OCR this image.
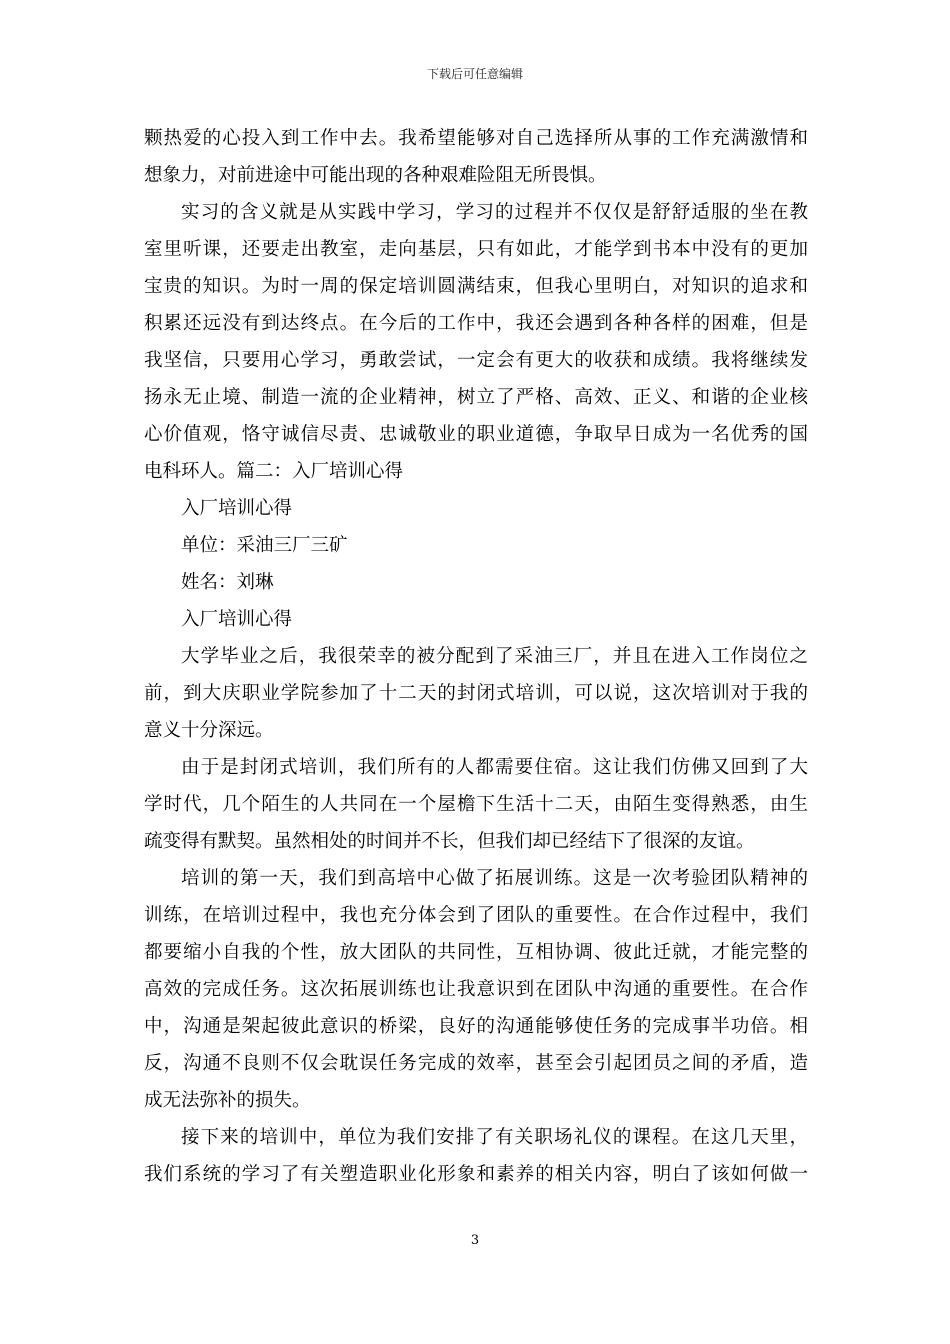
下载后可任意编辑
颗热爱的心投入到工作中去。我希望能够对自己选择所从事的工作充满激情和
想象力，对前进途中可能出现的各种艰难险阻无所畏惧。
实习的含义就是从实践中学习，学习的过程并不仅仅是舒舒适服的坐在教
室里听课，还要走出教室，走向基层，只有如此，才能学到书本中没有的更加
宝贵的知识。为时一周的保定培训圆满结束，但我心里明白，对知识的追求和
积累还远没有到达终点。在今后的工作中，我还会遇到各种各样的困难，但是
我坚信，只要用心学习，勇敢尝试，一定会有更大的收获和成绩。我将继续发
扬永无止境、制造一流的企业精神，树立了严格、高效、正义、和谐的企业核
心价值观，恪守诚信尽责、忠诚敬业的职业道德，争取早日成为一名优秀的国
电科环人。篇二：入厂培训心得
入厂培训心得
单位：采油三厂三矿
姓名：刘琳
入厂培训心得
大学毕业之后，我很荣幸的被分配到了采油三厂，并且在进入工作岗位之
前，到大庆职业学院参加了十二天的封闭式培训，可以说，这次培训对于我的
意义十分深远。
由于是封闭式培训，我们所有的人都需要住宿。这让我们仿佛又回到了大
学时代，几个陌生的人共同在一个屋檐下生活十二天，由陌生变得熟悉，由生
疏变得有默契。虽然相处的时间并不长，但我们却已经结下了很深的友谊。
培训的第一天，我们到高培中心做了拓展训练。这是一次考验团队精神的
训练，在培训过程中，我也充分体会到了团队的重要性。在合作过程中，我们
都要缩小自我的个性，放大团队的共同性，互相协调、彼此迁就，才能完整的
高效的完成任务。这次拓展训练也让我意识到在团队中沟通的重要性。在合作
中，沟通是架起彼此意识的桥梁，良好的沟通能够使任务的完成事半功倍。相
反，沟通不良则不仅会耽误任务完成的效率，甚至会引起团员之间的矛盾，造
成无法弥补的损失。
接下来的培训中，单位为我们安排了有关职场礼仪的课程。在这几天里，
我们系统的学习了有关塑造职业化形象和素养的相关内容，明白了该如何做一
3
